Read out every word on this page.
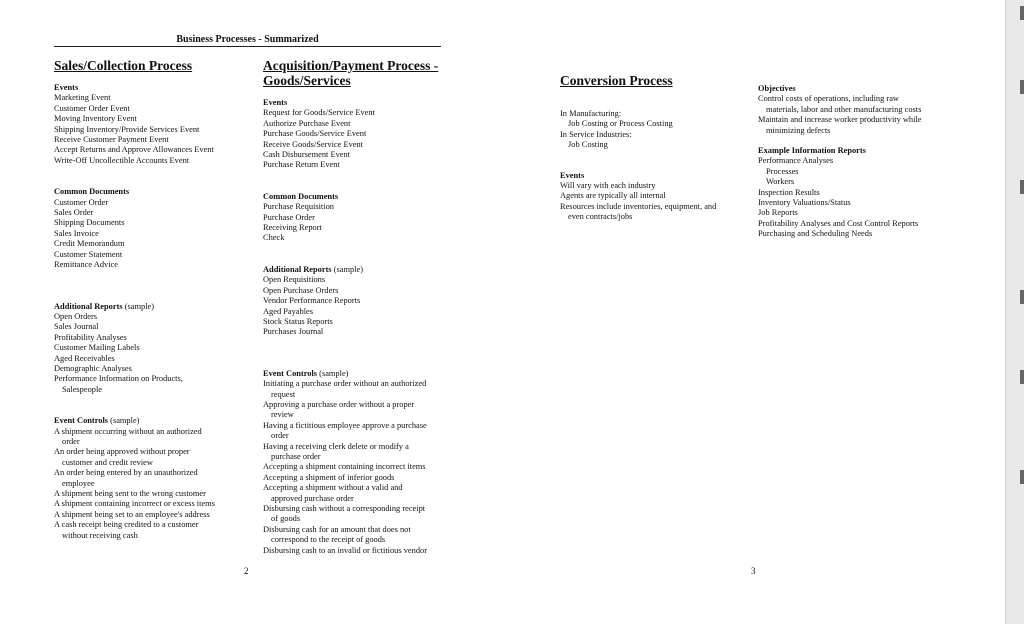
Business Processes - Summarized
Sales/Collection Process
Events
Marketing Event
Customer Order Event
Moving Inventory Event
Shipping Inventory/Provide Services Event
Receive Customer Payment Event
Accept Returns and Approve Allowances Event
Write-Off Uncollectible Accounts Event
Common Documents
Customer Order
Sales Order
Shipping Documents
Sales Invoice
Credit Memorandum
Customer Statement
Remittance Advice
Additional Reports (sample)
Open Orders
Sales Journal
Profitability Analyses
Customer Mailing Labels
Aged Receivables
Demographic Analyses
Performance Information on Products,
Salespeople
Event Controls (sample)
A shipment occurring without an authorized
order
An order being approved without proper
customer and credit review
An order being entered by an unauthorized
employee
A shipment being sent to the wrong customer
A shipment containing incorrect or excess items
A shipment being set to an employee's address
A cash receipt being credited to a customer
without receiving cash
Acquisition/Payment Process -
Goods/Services
Events
Request for Goods/Service Event
Authorize Purchase Event
Purchase Goods/Service Event
Receive Goods/Service Event
Cash Disbursement Event
Purchase Return Event
Common Documents
Purchase Requisition
Purchase Order
Receiving Report
Check
Additional Reports (sample)
Open Requisitions
Open Purchase Orders
Vendor Performance Reports
Aged Payables
Stock Status Reports
Purchases Journal
Event Controls (sample)
Initiating a purchase order without an authorized
request
Approving a purchase order without a proper
review
Having a fictitious employee approve a purchase
order
Having a receiving clerk delete or modify a
purchase order
Accepting a shipment containing incorrect items
Accepting a shipment of inferior goods
Accepting a shipment without a valid and
approved purchase order
Disbursing cash without a corresponding receipt
of goods
Disbursing cash for an amount that does not
correspond to the receipt of goods
Disbursing cash to an invalid or fictitious vendor
2
Conversion Process
In Manufacturing:
Job Costing or Process Costing
In Service Industries:
Job Costing
Events
Will vary with each industry
Agents are typically all internal
Resources include inventories, equipment, and
even contracts/jobs
Objectives
Control costs of operations, including raw
materials, labor and other manufacturing costs
Maintain and increase worker productivity while
minimizing defects
Example Information Reports
Performance Analyses
Processes
Workers
Inspection Results
Inventory Valuations/Status
Job Reports
Profitability Analyses and Cost Control Reports
Purchasing and Scheduling Needs
3
